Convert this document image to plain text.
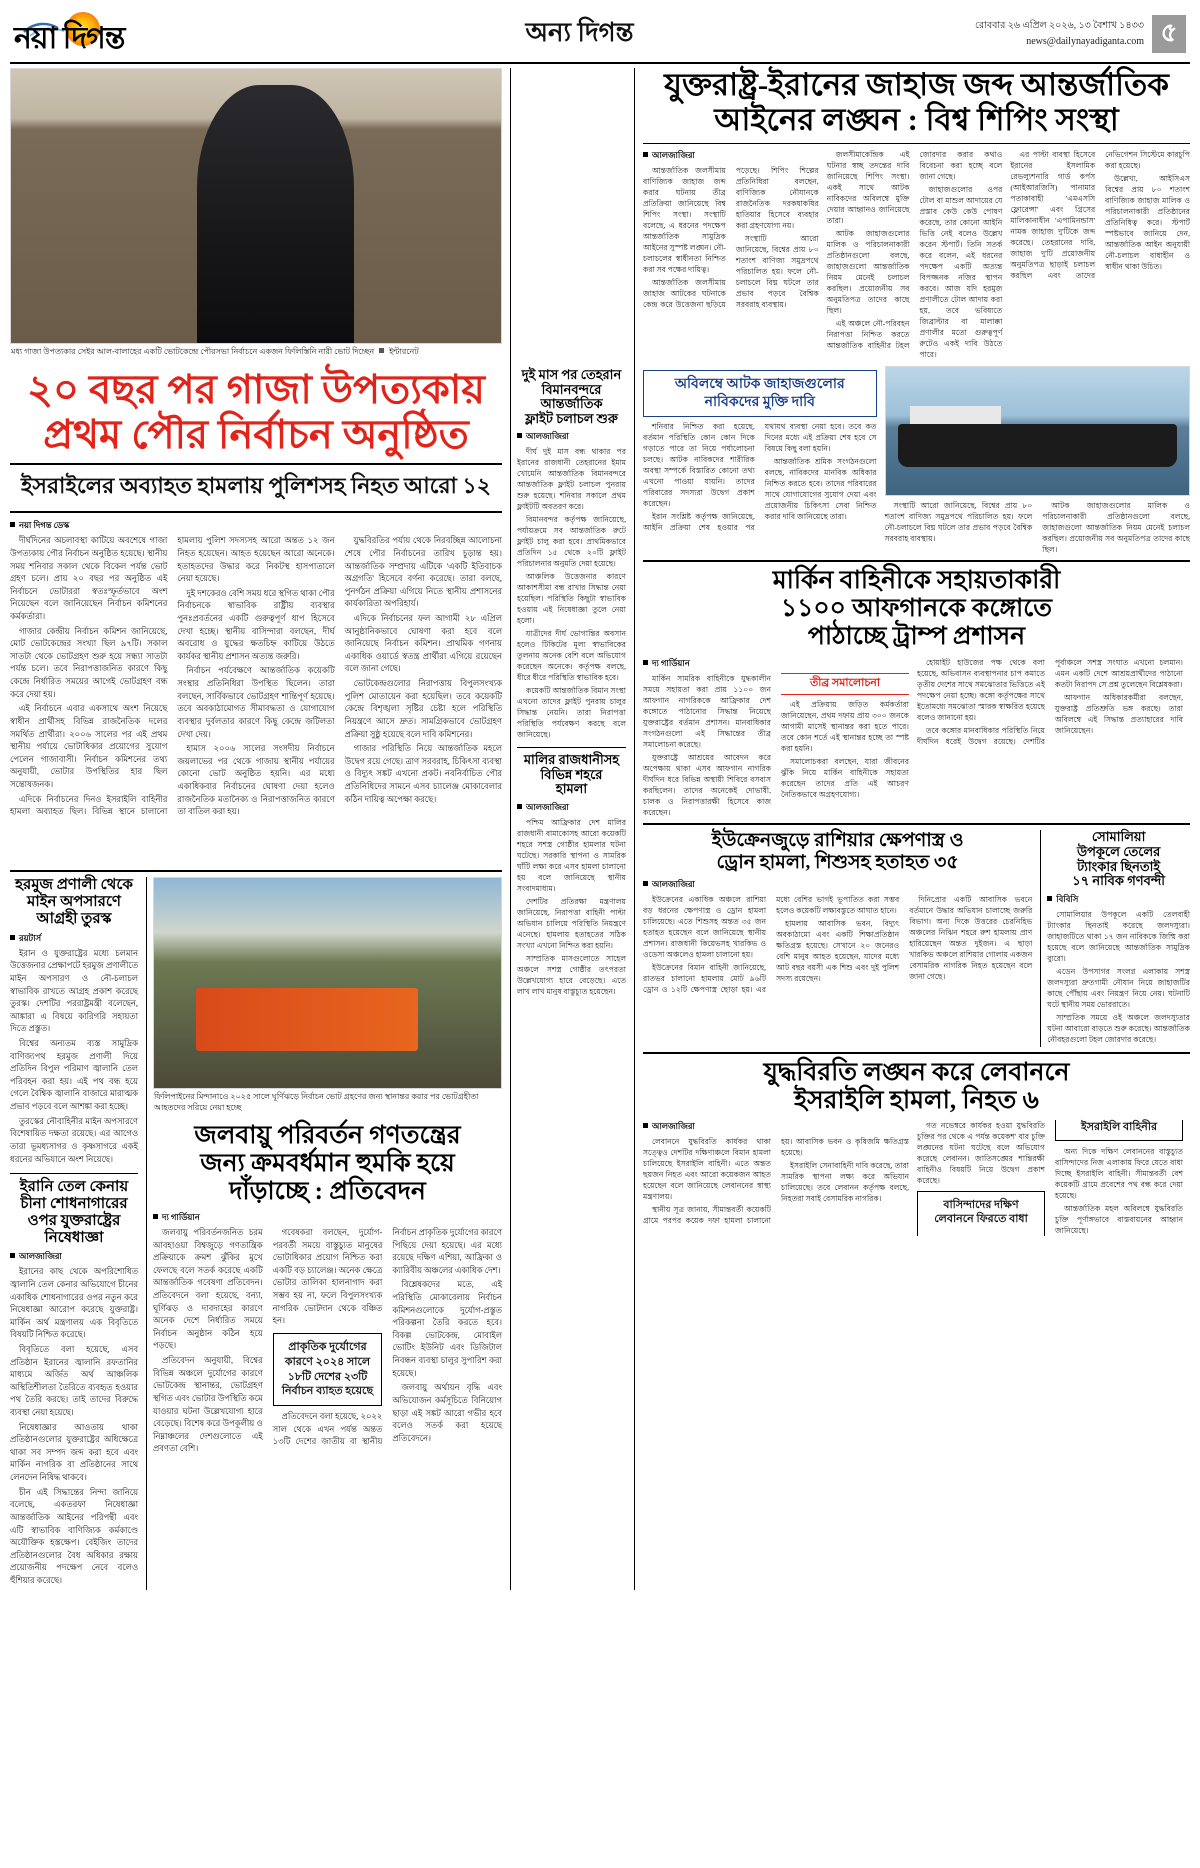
নয়া দিগন্ত	অন্য দিগন্ত	রোববার ২৬ এপ্রিল ২০২৬, ১৩ বৈশাখ ১৪৩৩
news@dailynayadiganta.com ৫
মধ্য গাজা উপত্যকার সেইর আল-বালাহের একটি ভোটকেন্দ্রে পৌরসভা নির্বাচনে একজন ফিলিস্তিনি নারী ভোট দিচ্ছেন ইন্টারনেট
২০ বছর পর গাজা উপত্যকায়
প্রথম পৌর নির্বাচন অনুষ্ঠিত
ইসরাইলের অব্যাহত হামলায় পুলিশসহ নিহত আরো ১২
নয়া দিগন্ত ডেস্ক

দীর্ঘদিনের অচলাবস্থা কাটিয়ে অবশেষে গাজা উপত্যকায় পৌর নির্বাচন অনুষ্ঠিত হয়েছে। স্থানীয় সময় শনিবার সকাল থেকে বিকেল পর্যন্ত ভোট গ্রহণ চলে। প্রায় ২০ বছর পর অনুষ্ঠিত এই নির্বাচনে ভোটাররা স্বতঃস্ফূর্তভাবে অংশ নিয়েছেন বলে জানিয়েছেন নির্বাচন কমিশনের কর্মকর্তারা।

গাজার কেন্দ্রীয় নির্বাচন কমিশন জানিয়েছে, মোট ভোটকেন্দ্রের সংখ্যা ছিল ৯৭টি। সকাল সাতটা থেকে ভোটগ্রহণ শুরু হয়ে সন্ধ্যা সাতটা পর্যন্ত চলে। তবে নিরাপত্তাজনিত কারণে কিছু কেন্দ্রে নির্ধারিত সময়ের আগেই ভোটগ্রহণ বন্ধ করে দেয়া হয়।

এই নির্বাচনে এবার একসাথে অংশ নিয়েছে স্বাধীন প্রার্থীসহ বিভিন্ন রাজনৈতিক দলের সমর্থিত প্রার্থীরা। ২০০৬ সালের পর এই প্রথম স্থানীয় পর্যায়ে ভোটাধিকার প্রয়োগের সুযোগ পেলেন গাজাবাসী। নির্বাচন কমিশনের তথ্য অনুযায়ী, ভোটার উপস্থিতির হার ছিল সন্তোষজনক।

এদিকে নির্বাচনের দিনও ইসরাইলি বাহিনীর হামলা অব্যাহত ছিল। বিভিন্ন স্থানে চালানো হামলায় পুলিশ সদস্যসহ আরো অন্তত ১২ জন নিহত হয়েছেন। আহত হয়েছেন আরো অনেকে। হতাহতদের উদ্ধার করে নিকটস্থ হাসপাতালে নেয়া হয়েছে।

দুই দশকেরও বেশি সময় ধরে স্থগিত থাকা পৌর নির্বাচনকে স্বাভাবিক রাষ্ট্রীয় ব্যবস্থার পুনঃপ্রবর্তনের একটি গুরুত্বপূর্ণ ধাপ হিসেবে দেখা হচ্ছে। স্থানীয় বাসিন্দারা বলছেন, দীর্ঘ অবরোধ ও যুদ্ধের ক্ষতচিহ্ন কাটিয়ে উঠতে কার্যকর স্থানীয় প্রশাসন অত্যন্ত জরুরি।

নির্বাচন পর্যবেক্ষণে আন্তর্জাতিক কয়েকটি সংস্থার প্রতিনিধিরা উপস্থিত ছিলেন। তারা বলছেন, সার্বিকভাবে ভোটগ্রহণ শান্তিপূর্ণ হয়েছে। তবে অবকাঠামোগত সীমাবদ্ধতা ও যোগাযোগ ব্যবস্থার দুর্বলতার কারণে কিছু কেন্দ্রে জটিলতা দেখা দেয়।

হামাস ২০০৬ সালের সংসদীয় নির্বাচনে জয়লাভের পর থেকে গাজায় স্থানীয় পর্যায়ের কোনো ভোট অনুষ্ঠিত হয়নি। এর মধ্যে একাধিকবার নির্বাচনের ঘোষণা দেয়া হলেও রাজনৈতিক মতানৈক্য ও নিরাপত্তাজনিত কারণে তা বাতিল করা হয়।

যুদ্ধবিরতির পর্যায় থেকে নিরবচ্ছিন্ন আলোচনা শেষে পৌর নির্বাচনের তারিখ চূড়ান্ত হয়। আন্তর্জাতিক সম্প্রদায় এটিকে 'একটি ইতিবাচক অগ্রগতি' হিসেবে বর্ণনা করেছে। তারা বলছে, পুনর্গঠন প্রক্রিয়া এগিয়ে নিতে স্থানীয় প্রশাসনের কার্যকারিতা অপরিহার্য।

এদিকে নির্বাচনের ফল আগামী ২৮ এপ্রিল আনুষ্ঠানিকভাবে ঘোষণা করা হবে বলে জানিয়েছে নির্বাচন কমিশন। প্রাথমিক গণনায় একাধিক ওয়ার্ডে স্বতন্ত্র প্রার্থীরা এগিয়ে রয়েছেন বলে জানা গেছে।

ভোটকেন্দ্রগুলোর নিরাপত্তায় বিপুলসংখ্যক পুলিশ মোতায়েন করা হয়েছিল। তবে কয়েকটি কেন্দ্রে বিশৃঙ্খলা সৃষ্টির চেষ্টা হলে পরিস্থিতি নিয়ন্ত্রণে আসে দ্রুত। সামগ্রিকভাবে ভোটগ্রহণ প্রক্রিয়া সুষ্ঠু হয়েছে বলে দাবি কমিশনের।

গাজার পরিস্থিতি নিয়ে আন্তর্জাতিক মহলে উদ্বেগ রয়ে গেছে। ত্রাণ সরবরাহ, চিকিৎসা ব্যবস্থা ও বিদ্যুৎ সঙ্কট এখনো প্রকট। নবনির্বাচিত পৌর প্রতিনিধিদের সামনে এসব চ্যালেঞ্জ মোকাবেলার কঠিন দায়িত্ব অপেক্ষা করছে।

হরমুজ প্রণালী থেকে
মাইন অপসারণে
আগ্রহী তুরস্ক
রয়টার্স

ইরান ও যুক্তরাষ্ট্রের মধ্যে চলমান উত্তেজনার প্রেক্ষাপটে হরমুজ প্রণালীতে মাইন অপসারণ ও নৌ-চলাচল স্বাভাবিক রাখতে আগ্রহ প্রকাশ করেছে তুরস্ক। দেশটির পররাষ্ট্রমন্ত্রী বলেছেন, আঙ্কারা এ বিষয়ে কারিগরি সহায়তা দিতে প্রস্তুত।

বিশ্বের অন্যতম ব্যস্ত সামুদ্রিক বাণিজ্যপথ হরমুজ প্রণালী দিয়ে প্রতিদিন বিপুল পরিমাণ জ্বালানি তেল পরিবহন করা হয়। এই পথ বন্ধ হয়ে গেলে বৈশ্বিক জ্বালানি বাজারে মারাত্মক প্রভাব পড়বে বলে আশঙ্কা করা হচ্ছে।

তুরস্কের নৌবাহিনীর মাইন অপসারণে বিশেষায়িত দক্ষতা রয়েছে। এর আগেও তারা ভূমধ্যসাগর ও কৃষ্ণসাগরে একই ধরনের অভিযানে অংশ নিয়েছে।

ইরানি তেল কেনায়
চীনা শোধনাগারের
ওপর যুক্তরাষ্ট্রের
নিষেধাজ্ঞা
আলজাজিরা

ইরানের কাছ থেকে অপরিশোধিত জ্বালানি তেল কেনার অভিযোগে চীনের একাধিক শোধনাগারের ওপর নতুন করে নিষেধাজ্ঞা আরোপ করেছে যুক্তরাষ্ট্র। মার্কিন অর্থ মন্ত্রণালয় এক বিবৃতিতে বিষয়টি নিশ্চিত করেছে।

বিবৃতিতে বলা হয়েছে, এসব প্রতিষ্ঠান ইরানের জ্বালানি রফতানির মাধ্যমে অর্জিত অর্থ আঞ্চলিক অস্থিতিশীলতা তৈরিতে ব্যবহৃত হওয়ার পথ তৈরি করছে। তাই তাদের বিরুদ্ধে ব্যবস্থা নেয়া হয়েছে।

নিষেধাজ্ঞার আওতায় থাকা প্রতিষ্ঠানগুলোর যুক্তরাষ্ট্রের অধিক্ষেত্রে থাকা সব সম্পদ জব্দ করা হবে এবং মার্কিন নাগরিক বা প্রতিষ্ঠানের সাথে লেনদেন নিষিদ্ধ থাকবে।

চীন এই সিদ্ধান্তের নিন্দা জানিয়ে বলেছে, একতরফা নিষেধাজ্ঞা আন্তর্জাতিক আইনের পরিপন্থী এবং এটি স্বাভাবিক বাণিজ্যিক কর্মকাণ্ডে অযৌক্তিক হস্তক্ষেপ। বেইজিং তাদের প্রতিষ্ঠানগুলোর বৈধ অধিকার রক্ষায় প্রয়োজনীয় পদক্ষেপ নেবে বলেও হুঁশিয়ার করেছে।

ফিলিপাইনের মিন্দানাওে ২০২৫ সালে ঘূর্ণিঝড়ে নির্বাচন ভোট গ্রহণের জন্য স্থানান্তর করার পর ভোটগ্রহীতা আহতদের সরিয়ে নেয়া হচ্ছে
জলবায়ু পরিবর্তন গণতন্ত্রের
জন্য ক্রমবর্ধমান হুমকি হয়ে
দাঁড়াচ্ছে : প্রতিবেদন
দ্য গার্ডিয়ান

জলবায়ু পরিবর্তনজনিত চরম আবহাওয়া বিশ্বজুড়ে গণতান্ত্রিক প্রক্রিয়াকে ক্রমশ ঝুঁকির মুখে ফেলছে বলে সতর্ক করেছে একটি আন্তর্জাতিক গবেষণা প্রতিবেদন। প্রতিবেদনে বলা হয়েছে, বন্যা, ঘূর্ণিঝড় ও দাবদাহের কারণে অনেক দেশে নির্ধারিত সময়ে নির্বাচন অনুষ্ঠান কঠিন হয়ে পড়ছে।

প্রতিবেদন অনুযায়ী, বিশ্বের বিভিন্ন অঞ্চলে দুর্যোগের কারণে ভোটকেন্দ্র স্থানান্তর, ভোটগ্রহণ স্থগিত এবং ভোটার উপস্থিতি কমে যাওয়ার ঘটনা উল্লেখযোগ্য হারে বেড়েছে। বিশেষ করে উপকূলীয় ও নিম্নাঞ্চলের দেশগুলোতে এই প্রবণতা বেশি।

গবেষকরা বলছেন, দুর্যোগ-পরবর্তী সময়ে বাস্তুচ্যুত মানুষের ভোটাধিকার প্রয়োগ নিশ্চিত করা একটি বড় চ্যালেঞ্জ। অনেক ক্ষেত্রে ভোটার তালিকা হালনাগাদ করা সম্ভব হয় না, ফলে বিপুলসংখ্যক নাগরিক ভোটদান থেকে বঞ্চিত হন।

প্রাকৃতিক দুর্যোগের কারণে ২০২৪ সালে ১৮টি দেশের ২৩টি নির্বাচন ব্যাহত হয়েছে

প্রতিবেদনে বলা হয়েছে, ২০২২ সাল থেকে এখন পর্যন্ত অন্তত ১৩টি দেশের জাতীয় বা স্থানীয় নির্বাচন প্রাকৃতিক দুর্যোগের কারণে পিছিয়ে দেয়া হয়েছে। এর মধ্যে রয়েছে দক্ষিণ এশিয়া, আফ্রিকা ও ক্যারিবীয় অঞ্চলের একাধিক দেশ।

বিশ্লেষকদের মতে, এই পরিস্থিতি মোকাবেলায় নির্বাচন কমিশনগুলোকে দুর্যোগ-প্রস্তুত পরিকল্পনা তৈরি করতে হবে। বিকল্প ভোটকেন্দ্র, মোবাইল ভোটিং ইউনিট এবং ডিজিটাল নিবন্ধন ব্যবস্থা চালুর সুপারিশ করা হয়েছে।

জলবায়ু অর্থায়ন বৃদ্ধি এবং অভিযোজন কর্মসূচিতে বিনিয়োগ ছাড়া এই সঙ্কট আরো গভীর হবে বলেও সতর্ক করা হয়েছে প্রতিবেদনে।

দুই মাস পর তেহরান
বিমানবন্দরে আন্তর্জাতিক
ফ্লাইট চলাচল শুরু
আলজাজিরা

দীর্ঘ দুই মাস বন্ধ থাকার পর ইরানের রাজধানী তেহরানের ইমাম খোমেনি আন্তর্জাতিক বিমানবন্দরে আন্তর্জাতিক ফ্লাইট চলাচল পুনরায় শুরু হয়েছে। শনিবার সকালে প্রথম ফ্লাইটটি অবতরণ করে।

বিমানবন্দর কর্তৃপক্ষ জানিয়েছে, পর্যায়ক্রমে সব আন্তর্জাতিক রুটে ফ্লাইট চালু করা হবে। প্রাথমিকভাবে প্রতিদিন ১৫ থেকে ২০টি ফ্লাইট পরিচালনার অনুমতি দেয়া হয়েছে।

আঞ্চলিক উত্তেজনার কারণে আকাশসীমা বন্ধ রাখার সিদ্ধান্ত নেয়া হয়েছিল। পরিস্থিতি কিছুটা স্বাভাবিক হওয়ায় এই নিষেধাজ্ঞা তুলে নেয়া হলো।

যাত্রীদের দীর্ঘ ভোগান্তির অবসান হলেও টিকিটের মূল্য স্বাভাবিকের তুলনায় অনেক বেশি বলে অভিযোগ করেছেন অনেকে। কর্তৃপক্ষ বলছে, ধীরে ধীরে পরিস্থিতি স্বাভাবিক হবে।

কয়েকটি আন্তর্জাতিক বিমান সংস্থা এখনো তাদের ফ্লাইট পুনরায় চালুর সিদ্ধান্ত নেয়নি। তারা নিরাপত্তা পরিস্থিতি পর্যবেক্ষণ করছে বলে জানিয়েছে।

মালির রাজধানীসহ
বিভিন্ন শহরে
হামলা
আলজাজিরা

পশ্চিম আফ্রিকার দেশ মালির রাজধানী বামাকোসহ আরো কয়েকটি শহরে সশস্ত্র গোষ্ঠীর হামলার ঘটনা ঘটেছে। সরকারি স্থাপনা ও সামরিক ঘাঁটি লক্ষ্য করে এসব হামলা চালানো হয় বলে জানিয়েছে স্থানীয় সংবাদমাধ্যম।

দেশটির প্রতিরক্ষা মন্ত্রণালয় জানিয়েছে, নিরাপত্তা বাহিনী পাল্টা অভিযান চালিয়ে পরিস্থিতি নিয়ন্ত্রণে এনেছে। হামলায় হতাহতের সঠিক সংখ্যা এখনো নিশ্চিত করা হয়নি।

সাম্প্রতিক মাসগুলোতে সাহেল অঞ্চলে সশস্ত্র গোষ্ঠীর তৎপরতা উল্লেখযোগ্য হারে বেড়েছে। এতে লাখ লাখ মানুষ বাস্তুচ্যুত হয়েছেন।

যুক্তরাষ্ট্র-ইরানের জাহাজ জব্দ আন্তর্জাতিক
আইনের লঙ্ঘন : বিশ্ব শিপিং সংস্থা
আলজাজিরা

আন্তর্জাতিক জলসীমায় বাণিজ্যিক জাহাজ জব্দ করার ঘটনায় তীব্র প্রতিক্রিয়া জানিয়েছে বিশ্ব শিপিং সংস্থা। সংস্থাটি বলেছে, এ ধরনের পদক্ষেপ আন্তর্জাতিক সামুদ্রিক আইনের সুস্পষ্ট লঙ্ঘন। নৌ-চলাচলের স্বাধীনতা নিশ্চিত করা সব পক্ষের দায়িত্ব।

আন্তর্জাতিক জলসীমায় জাহাজ আটকের ঘটনাকে কেন্দ্র করে উত্তেজনা ছড়িয়ে পড়েছে। শিপিং শিল্পের প্রতিনিধিরা বলছেন, বাণিজ্যিক নৌযানকে রাজনৈতিক দরকষাকষির হাতিয়ার হিসেবে ব্যবহার করা গ্রহণযোগ্য নয়।

সংস্থাটি আরো জানিয়েছে, বিশ্বের প্রায় ৮০ শতাংশ বাণিজ্য সমুদ্রপথে পরিচালিত হয়। ফলে নৌ-চলাচলে বিঘ্ন ঘটলে তার প্রভাব পড়বে বৈশ্বিক সরবরাহ ব্যবস্থায়।

জলসীমাকেন্দ্রিক এই ঘটনার স্বচ্ছ তদন্তের দাবি জানিয়েছে শিপিং সংস্থা। একই সাথে আটক নাবিকদের অবিলম্বে মুক্তি দেয়ার আহ্বানও জানিয়েছে তারা।

আটক জাহাজগুলোর মালিক ও পরিচালনাকারী প্রতিষ্ঠানগুলো বলছে, জাহাজগুলো আন্তর্জাতিক নিয়ম মেনেই চলাচল করছিল। প্রয়োজনীয় সব অনুমতিপত্র তাদের কাছে ছিল।

এই অঞ্চলে নৌ-পরিবহন নিরাপত্তা নিশ্চিত করতে আন্তর্জাতিক বাহিনীর টহল জোরদার করার কথাও বিবেচনা করা হচ্ছে বলে জানা গেছে।

জাহাজগুলোর ওপর টোল বা মাশুল আদায়ের যে প্রস্তাব কেউ কেউ পোষণ করেছে, তার কোনো আইনি ভিত্তি নেই বলেও উল্লেখ করেন স্টপার্ট। তিনি সতর্ক করে বলেন, এই ধরনের পদক্ষেপ একটি অত্যন্ত বিপজ্জনক নজির স্থাপন করবে। আজ যদি হরমুজ প্রণালীতে টোল আদায় করা হয়, তবে ভবিষ্যতে জিব্রাল্টার বা মালাক্কা প্রণালীর মতো গুরুত্বপূর্ণ রুটেও একই দাবি উঠতে পারে।

এর পাল্টা ব্যবস্থা হিসেবে ইরানের ইসলামিক রেভল্যুশনারি গার্ড কর্পস (আইআরজিসি) পানামার পতাকাবাহী 'এমএসসি ফ্লোরেন্সা' এবং গ্রিসের মালিকানাধীন 'এপামিনন্ডাস' নামক জাহাজ দু'টিকে জব্দ করেছে। তেহরানের দাবি, জাহাজ দু'টি প্রয়োজনীয় অনুমতিপত্র ছাড়াই চলাচল করছিল এবং তাদের নেভিগেশন সিস্টেমে কারচুপি করা হয়েছে।

উল্লেখ্য, আইসিএস বিশ্বের প্রায় ৮০ শতাংশ বাণিজ্যিক জাহাজ মালিক ও পরিচালনাকারী প্রতিষ্ঠানের প্রতিনিধিত্ব করে। স্টপার্ট স্পষ্টভাবে জানিয়ে দেন, আন্তর্জাতিক আইন অনুযায়ী নৌ-চলাচল বাধাহীন ও স্বাধীন থাকা উচিত।

অবিলম্বে আটক জাহাজগুলোর
নাবিকদের মুক্তি দাবি

শনিবার নিশ্চিত করা হয়েছে, বর্তমান পরিস্থিতি কোন কোন দিকে গড়াতে পারে তা নিয়ে পর্যালোচনা চলছে। আটক নাবিকদের শারীরিক অবস্থা সম্পর্কে বিস্তারিত কোনো তথ্য এখনো পাওয়া যায়নি। তাদের পরিবারের সদস্যরা উদ্বেগ প্রকাশ করেছেন।

ইরান সংশ্লিষ্ট কর্তৃপক্ষ জানিয়েছে, আইনি প্রক্রিয়া শেষ হওয়ার পর যথাযথ ব্যবস্থা নেয়া হবে। তবে কত দিনের মধ্যে এই প্রক্রিয়া শেষ হবে সে বিষয়ে কিছু বলা হয়নি।

আন্তর্জাতিক শ্রমিক সংগঠনগুলো বলছে, নাবিকদের মানবিক অধিকার নিশ্চিত করতে হবে। তাদের পরিবারের সাথে যোগাযোগের সুযোগ দেয়া এবং প্রয়োজনীয় চিকিৎসা সেবা নিশ্চিত করার দাবি জানিয়েছে তারা।

সংস্থাটি আরো জানিয়েছে, বিশ্বের প্রায় ৮০ শতাংশ বাণিজ্য সমুদ্রপথে পরিচালিত হয়। ফলে নৌ-চলাচলে বিঘ্ন ঘটলে তার প্রভাব পড়বে বৈশ্বিক সরবরাহ ব্যবস্থায়।

আটক জাহাজগুলোর মালিক ও পরিচালনাকারী প্রতিষ্ঠানগুলো বলছে, জাহাজগুলো আন্তর্জাতিক নিয়ম মেনেই চলাচল করছিল। প্রয়োজনীয় সব অনুমতিপত্র তাদের কাছে ছিল।

মার্কিন বাহিনীকে সহায়তাকারী
১১০০ আফগানকে কঙ্গোতে
পাঠাচ্ছে ট্রাম্প প্রশাসন
দ্য গার্ডিয়ান

মার্কিন সামরিক বাহিনীকে যুদ্ধকালীন সময়ে সহায়তা করা প্রায় ১১০০ জন আফগান নাগরিককে আফ্রিকার দেশ কঙ্গোতে পাঠানোর সিদ্ধান্ত নিয়েছে যুক্তরাষ্ট্রের বর্তমান প্রশাসন। মানবাধিকার সংগঠনগুলো এই সিদ্ধান্তের তীব্র সমালোচনা করেছে।

যুক্তরাষ্ট্রে আশ্রয়ের আবেদন করে অপেক্ষায় থাকা এসব আফগান নাগরিক দীর্ঘদিন ধরে বিভিন্ন অস্থায়ী শিবিরে বসবাস করছিলেন। তাদের অনেকেই দোভাষী, চালক ও নিরাপত্তারক্ষী হিসেবে কাজ করেছেন।

তীব্র সমালোচনা

এই প্রক্রিয়ায় জড়িত কর্মকর্তারা জানিয়েছেন, প্রথম দফায় প্রায় ৩০০ জনকে আগামী মাসেই স্থানান্তর করা হতে পারে। তবে কোন শর্তে এই স্থানান্তর হচ্ছে তা স্পষ্ট করা হয়নি।

সমালোচকরা বলছেন, যারা জীবনের ঝুঁকি নিয়ে মার্কিন বাহিনীকে সহায়তা করেছেন তাদের প্রতি এই আচরণ নৈতিকভাবে অগ্রহণযোগ্য।

হোয়াইট হাউজের পক্ষ থেকে বলা হয়েছে, অভিবাসন ব্যবস্থাপনার চাপ কমাতে তৃতীয় দেশের সাথে সমঝোতার ভিত্তিতে এই পদক্ষেপ নেয়া হচ্ছে। কঙ্গো কর্তৃপক্ষের সাথে ইতোমধ্যে সমঝোতা স্মারক স্বাক্ষরিত হয়েছে বলেও জানানো হয়।

তবে কঙ্গোর মানবাধিকার পরিস্থিতি নিয়ে দীর্ঘদিন ধরেই উদ্বেগ রয়েছে। দেশটির পূর্বাঞ্চলে সশস্ত্র সংঘাত এখনো চলমান। এমন একটি দেশে আশ্রয়প্রার্থীদের পাঠানো কতটা নিরাপদ সে প্রশ্ন তুলেছেন বিশ্লেষকরা।

আফগান অধিকারকর্মীরা বলছেন, যুক্তরাষ্ট্র প্রতিশ্রুতি ভঙ্গ করছে। তারা অবিলম্বে এই সিদ্ধান্ত প্রত্যাহারের দাবি জানিয়েছেন।

ইউক্রেনজুড়ে রাশিয়ার ক্ষেপণাস্ত্র ও
ড্রোন হামলা, শিশুসহ হতাহত ৩৫
আলজাজিরা

ইউক্রেনের একাধিক অঞ্চলে রাশিয়া বড় ধরনের ক্ষেপণাস্ত্র ও ড্রোন হামলা চালিয়েছে। এতে শিশুসহ অন্তত ৩৫ জন হতাহত হয়েছেন বলে জানিয়েছে স্থানীয় প্রশাসন। রাজধানী কিয়েভসহ খারকিভ ও ওডেসা অঞ্চলেও হামলা চালানো হয়।

ইউক্রেনের বিমান বাহিনী জানিয়েছে, রাতভর চালানো হামলায় মোট ৯৬টি ড্রোন ও ১২টি ক্ষেপণাস্ত্র ছোড়া হয়। এর মধ্যে বেশির ভাগই ভূপাতিত করা সম্ভব হলেও কয়েকটি লক্ষ্যবস্তুতে আঘাত হানে।

হামলায় আবাসিক ভবন, বিদ্যুৎ অবকাঠামো এবং একটি শিক্ষাপ্রতিষ্ঠান ক্ষতিগ্রস্ত হয়েছে। সেখানে ২০ জনেরও বেশি মানুষ আহত হয়েছেন, যাদের মধ্যে আট বছর বয়সী এক শিশু এবং দুই পুলিশ সদস্য রয়েছেন।

দিনিপ্রোর একটি আবাসিক ভবনে বর্তমানে উদ্ধার অভিযান চালাচ্ছে জরুরি বিভাগ। অন্য দিকে উত্তরের চেরনিহিভ অঞ্চলের নিঝিন শহরে রুশ হামলায় প্রাণ হারিয়েছেন অন্তত দুইজন। এ ছাড়া খারকিভ অঞ্চলে রাশিয়ার গোলায় একজন বেসামরিক নাগরিক নিহত হয়েছেন বলে জানা গেছে।

সোমালিয়া
উপকূলে তেলের
ট্যাংকার ছিনতাই
১৭ নাবিক গণবন্দী
বিবিসি

সোমালিয়ার উপকূলে একটি তেলবাহী ট্যাংকার ছিনতাই করেছে জলদস্যুরা। জাহাজটিতে থাকা ১৭ জন নাবিককে জিম্মি করা হয়েছে বলে জানিয়েছে আন্তর্জাতিক সামুদ্রিক ব্যুরো।

এডেন উপসাগর সংলগ্ন এলাকায় সশস্ত্র জলদস্যুরা দ্রুতগামী নৌযান নিয়ে জাহাজটির কাছে পৌঁছায় এবং নিয়ন্ত্রণ নিয়ে নেয়। ঘটনাটি ঘটে স্থানীয় সময় ভোররাতে।

সাম্প্রতিক সময়ে ওই অঞ্চলে জলদস্যুতার ঘটনা আবারো বাড়তে শুরু করেছে। আন্তর্জাতিক নৌবহরগুলো টহল জোরদার করেছে।

যুদ্ধবিরতি লঙ্ঘন করে লেবাননে
ইসরাইলি হামলা, নিহত ৬
আলজাজিরা

লেবাননে যুদ্ধবিরতি কার্যকর থাকা সত্ত্বেও দেশটির দক্ষিণাঞ্চলে বিমান হামলা চালিয়েছে ইসরাইলি বাহিনী। এতে অন্তত ছয়জন নিহত এবং আরো কয়েকজন আহত হয়েছেন বলে জানিয়েছে লেবাননের স্বাস্থ্য মন্ত্রণালয়।

স্থানীয় সূত্র জানায়, সীমান্তবর্তী কয়েকটি গ্রামে পরপর কয়েক দফা হামলা চালানো হয়। আবাসিক ভবন ও কৃষিজমি ক্ষতিগ্রস্ত হয়েছে।

ইসরাইলি সেনাবাহিনী দাবি করেছে, তারা সামরিক স্থাপনা লক্ষ্য করে অভিযান চালিয়েছে। তবে লেবানন কর্তৃপক্ষ বলছে, নিহতরা সবাই বেসামরিক নাগরিক।

গত নভেম্বরে কার্যকর হওয়া যুদ্ধবিরতি চুক্তির পর থেকে এ পর্যন্ত কয়েকশ' বার চুক্তি লঙ্ঘনের ঘটনা ঘটেছে বলে অভিযোগ করেছে লেবানন। জাতিসঙ্ঘের শান্তিরক্ষী বাহিনীও বিষয়টি নিয়ে উদ্বেগ প্রকাশ করেছে।

বাসিন্দাদের দক্ষিণ
লেবাননে ফিরতে বাধা
ইসরাইলি বাহিনীর

অন্য দিকে দক্ষিণ লেবাননের বাস্তুচ্যুত বাসিন্দাদের নিজ এলাকায় ফিরে যেতে বাধা দিচ্ছে ইসরাইলি বাহিনী। সীমান্তবর্তী বেশ কয়েকটি গ্রামে প্রবেশের পথ বন্ধ করে দেয়া হয়েছে।

আন্তর্জাতিক মহল অবিলম্বে যুদ্ধবিরতি চুক্তি পূর্ণাঙ্গভাবে বাস্তবায়নের আহ্বান জানিয়েছে।
